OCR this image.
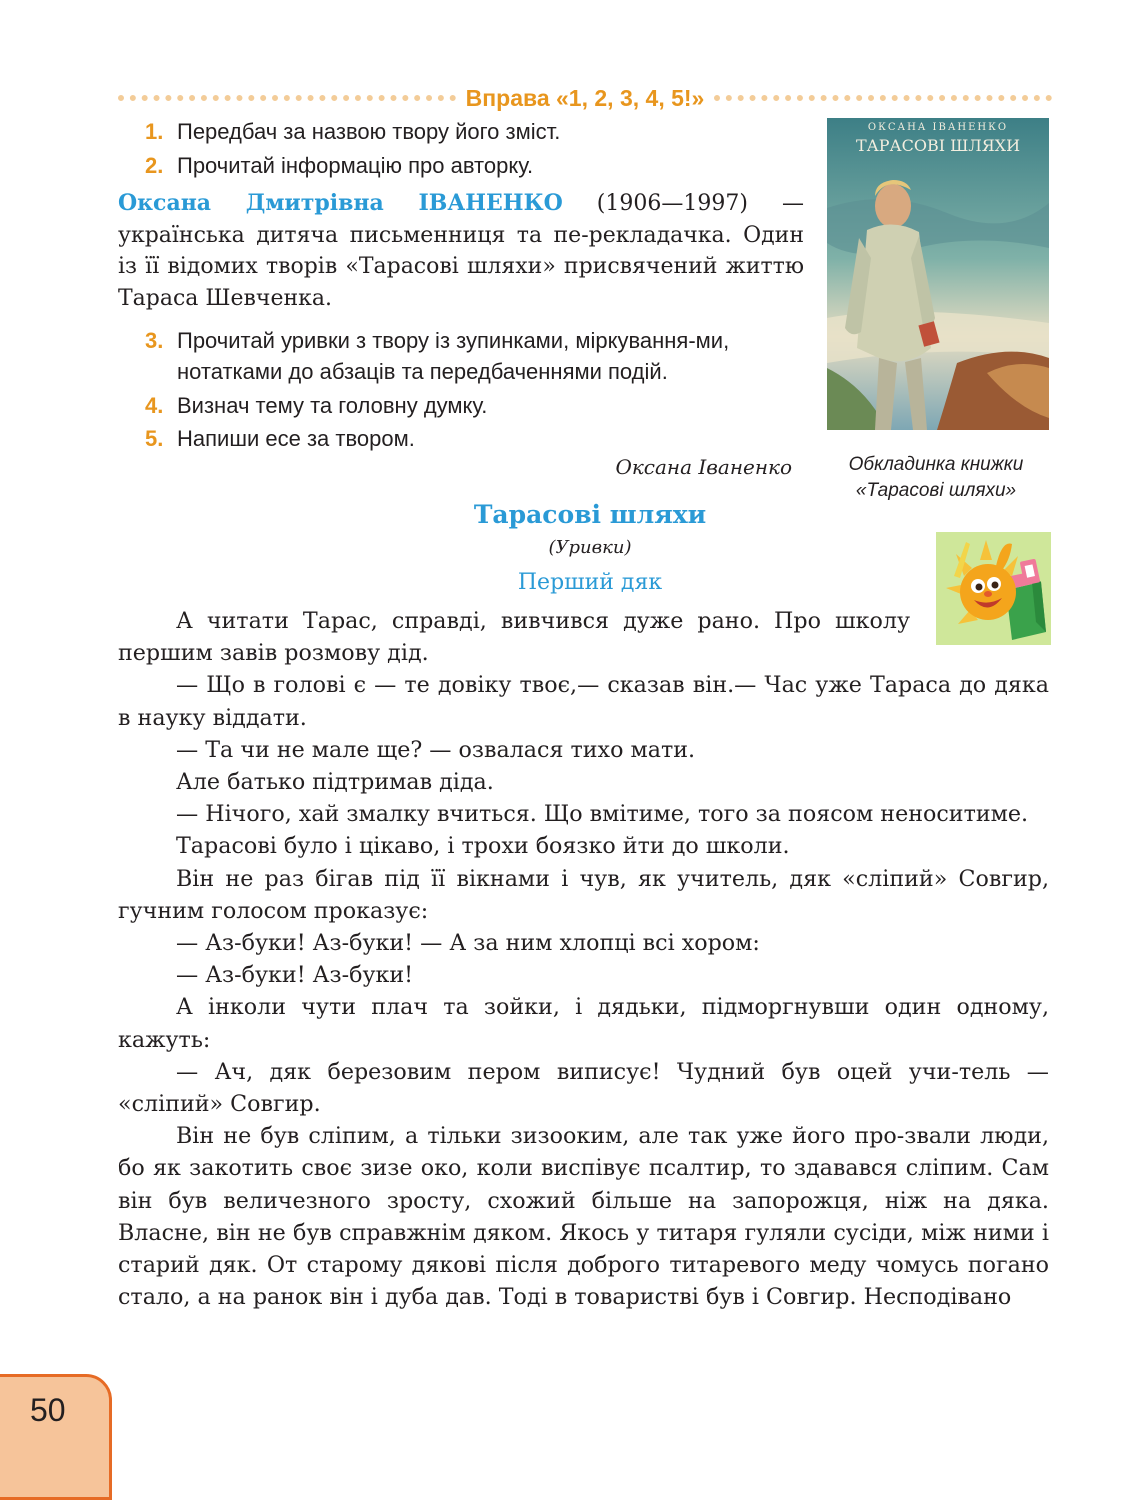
Вправа «1, 2, 3, 4, 5!»
1. Передбач за назвою твору його зміст.
2. Прочитай інформацію про авторку.
Оксана Дмитрівна ІВАНЕНКО (1906—1997) — українська дитяча письменниця та пе-рекладачка. Один із її відомих творів «Тарасові шляхи» присвячений життю Тараса Шевченка.
3. Прочитай уривки з твору із зупинками, міркування-ми, нотатками до абзаців та передбаченнями подій.
4. Визнач тему та головну думку.
5. Напиши есе за твором.
ОКСАНА ІВАНЕНКО
ТАРАСОВІ ШЛЯХИ
Обкладинка книжки
«Тарасові шляхи»
Оксана Іваненко
Тарасові шляхи
(Уривки)
Перший дяк

А читати Тарас, справді, вивчився дуже рано. Про школу першим завів розмову дід.

— Що в голові є — те довіку твоє,— сказав він.— Час уже Тараса до дяка в науку віддати.

— Та чи не мале ще? — озвалася тихо мати.

Але батько підтримав діда.

— Нічого, хай змалку вчиться. Що вмітиме, того за поясом неноситиме.

Тарасові було і цікаво, і трохи боязко йти до школи.

Він не раз бігав під її вікнами і чув, як учитель, дяк «сліпий» Совгир, гучним голосом проказує:

— Аз-буки! Аз-буки! — А за ним хлопці всі хором:

— Аз-буки! Аз-буки!

А інколи чути плач та зойки, і дядьки, підморгнувши один одному, кажуть:

— Ач, дяк березовим пером виписує! Чудний був оцей учи-тель — «сліпий» Совгир.

Він не був сліпим, а тільки зизооким, але так уже його про-звали люди, бо як закотить своє зизе око, коли виспівує псалтир, то здавався сліпим. Сам він був величезного зросту, схожий більше на запорожця, ніж на дяка. Власне, він не був справжнім дяком. Якось у титаря гуляли сусіди, між ними і старий дяк. От старому дякові після доброго титаревого меду чомусь погано стало, а на ранок він і дуба дав. Тоді в товаристві був і Совгир. Несподівано

50
